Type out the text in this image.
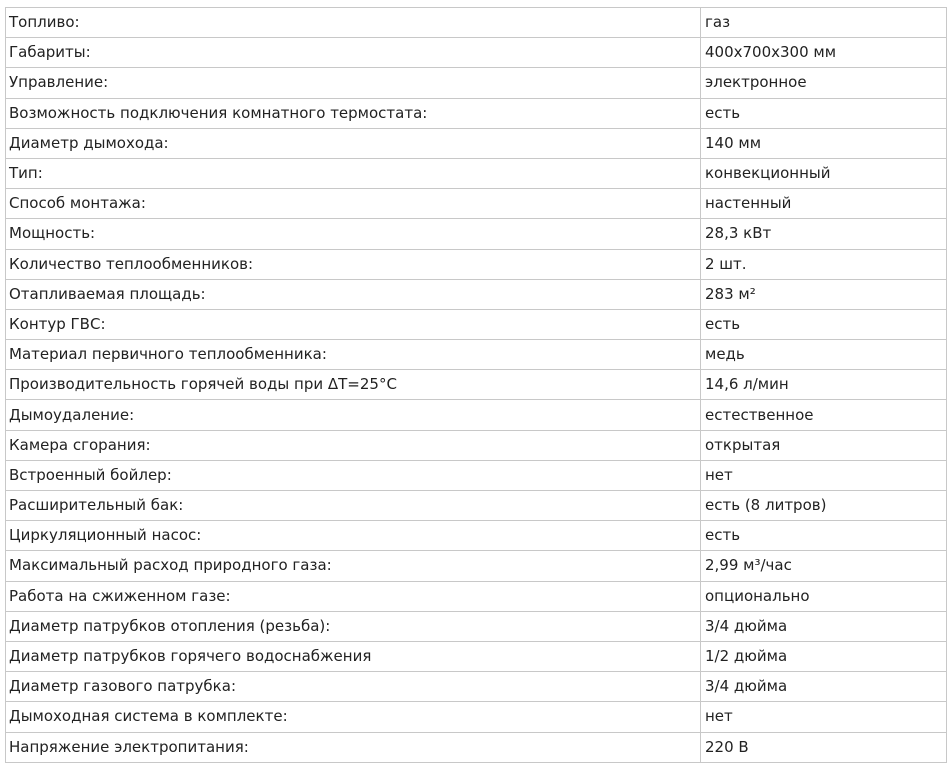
Топливо:	газ
Габариты:	400x700x300 мм
Управление:	электронное
Возможность подключения комнатного термостата:	есть
Диаметр дымохода:	140 мм
Тип:	конвекционный
Способ монтажа:	настенный
Мощность:	28,3 кВт
Количество теплообменников:	2 шт.
Отапливаемая площадь:	283 м²
Контур ГВС:	есть
Материал первичного теплообменника:	медь
Производительность горячей воды при ΔT=25°C	14,6 л/мин
Дымоудаление:	естественное
Камера сгорания:	открытая
Встроенный бойлер:	нет
Расширительный бак:	есть (8 литров)
Циркуляционный насос:	есть
Максимальный расход природного газа:	2,99 м³/час
Работа на сжиженном газе:	опционально
Диаметр патрубков отопления (резьба):	3/4 дюйма
Диаметр патрубков горячего водоснабжения	1/2 дюйма
Диаметр газового патрубка:	3/4 дюйма
Дымоходная система в комплекте:	нет
Напряжение электропитания:	220 В
